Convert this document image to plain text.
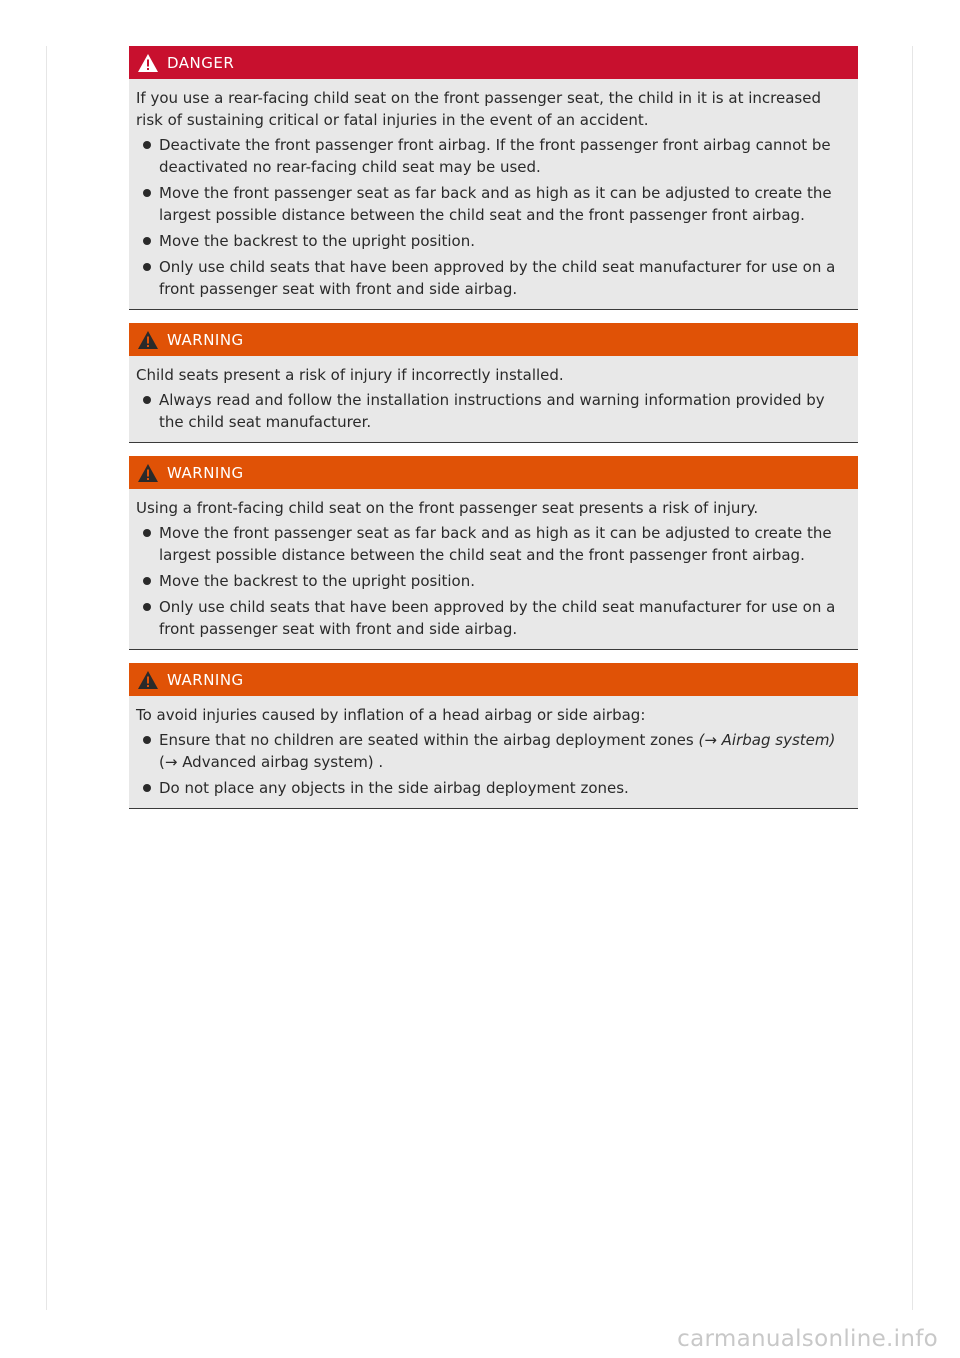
DANGER

If you use a rear-facing child seat on the front passenger seat, the child in it is at increased risk of sustaining critical or fatal injuries in the event of an accident.

Deactivate the front passenger front airbag. If the front passenger front airbag cannot be deactivated no rear-facing child seat may be used.
Move the front passenger seat as far back and as high as it can be adjusted to create the largest possible distance between the child seat and the front passenger front airbag.
Move the backrest to the upright position.
Only use child seats that have been approved by the child seat manufacturer for use on a front passenger seat with front and side airbag.
WARNING

Child seats present a risk of injury if incorrectly installed.

Always read and follow the installation instructions and warning information provided by the child seat manufacturer.
WARNING

Using a front-facing child seat on the front passenger seat presents a risk of injury.

Move the front passenger seat as far back and as high as it can be adjusted to create the largest possible distance between the child seat and the front passenger front airbag.
Move the backrest to the upright position.
Only use child seats that have been approved by the child seat manufacturer for use on a front passenger seat with front and side airbag.
WARNING

To avoid injuries caused by inflation of a head airbag or side airbag:

Ensure that no children are seated within the airbag deployment zones (→ Airbag system)
(→ Advanced airbag system) .
Do not place any objects in the side airbag deployment zones.
carmanualsonline.info
